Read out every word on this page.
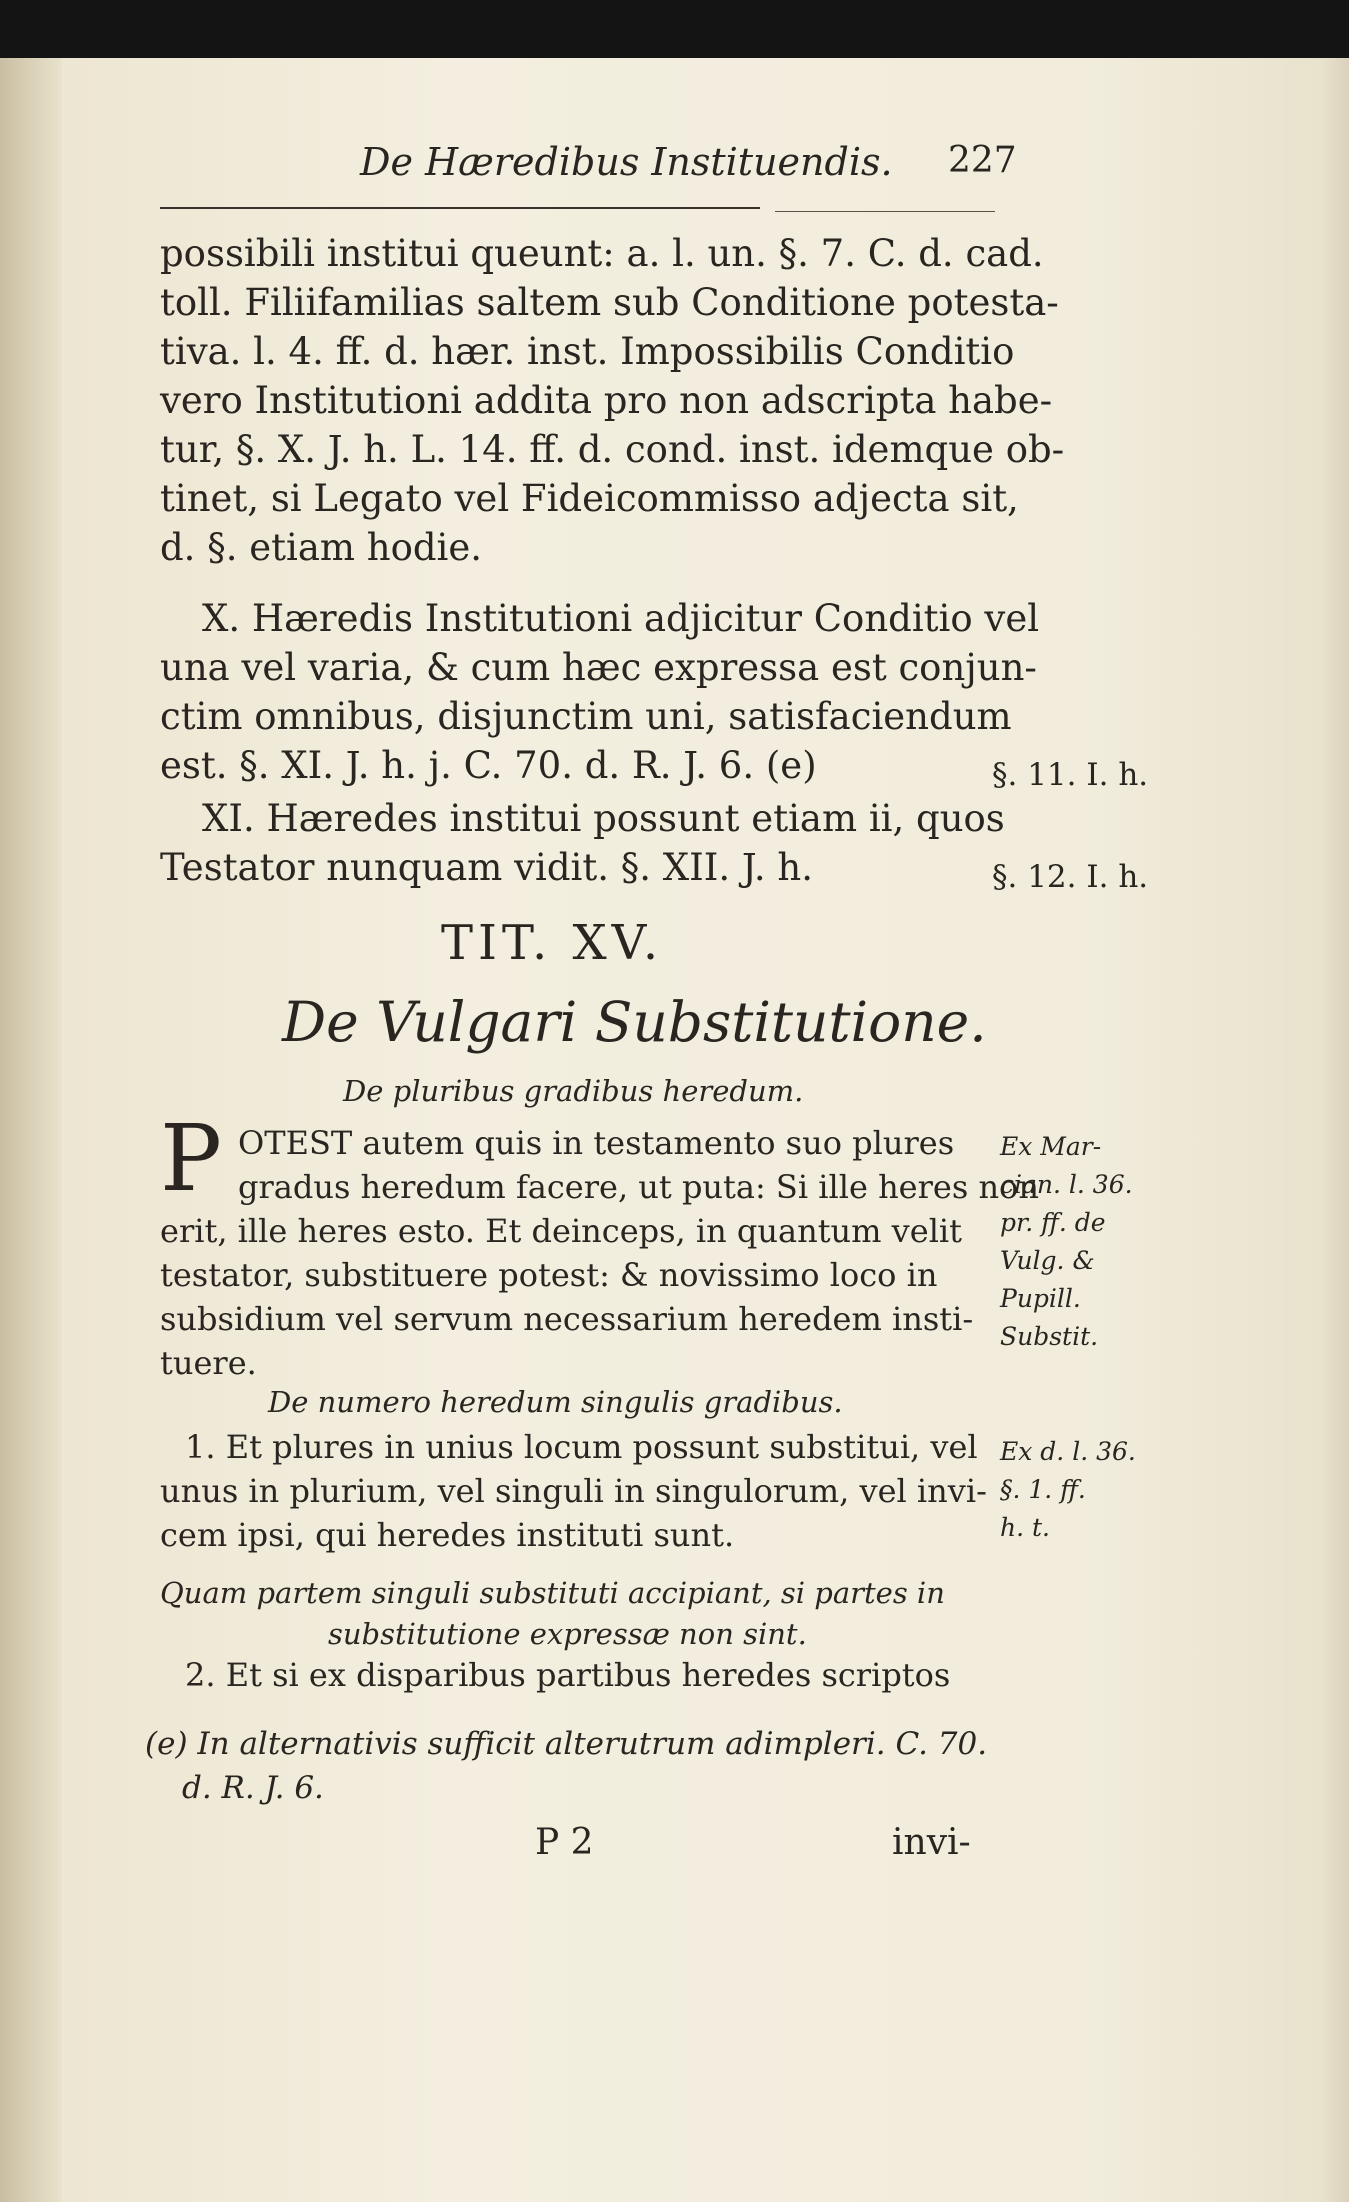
De Hæredibus Instituendis. 227
possibili institui queunt: a. l. un. §. 7. C. d. cad.
toll. Filiifamilias saltem sub Conditione potesta-
tiva. l. 4. ff. d. hær. inst. Impossibilis Conditio
vero Institutioni addita pro non adscripta habe-
tur, §. X. J. h. L. 14. ff. d. cond. inst. idemque ob-
tinet, si Legato vel Fideicommisso adjecta sit,
d. §. etiam hodie.
X. Hæredis Institutioni adjicitur Conditio vel
una vel varia, & cum hæc expressa est conjun-
ctim omnibus, disjunctim uni, satisfaciendum
est. §. XI. J. h. j. C. 70. d. R. J. 6. (e)
XI. Hæredes institui possunt etiam ii, quos
Testator nunquam vidit. §. XII. J. h.
§. 11. I. h.
§. 12. I. h.
TIT. XV.
De Vulgari Substitutione.
De pluribus gradibus heredum.
P OTEST autem quis in testamento suo plures
gradus heredum facere, ut puta: Si ille heres non
erit, ille heres esto. Et deinceps, in quantum velit
testator, substituere potest: & novissimo loco in
subsidium vel servum necessarium heredem insti-
tuere.
Ex Mar-
cian. l. 36.
pr. ff. de
Vulg. &
Pupill.
Substit.
De numero heredum singulis gradibus.
1. Et plures in unius locum possunt substitui, vel
unus in plurium, vel singuli in singulorum, vel invi-
cem ipsi, qui heredes instituti sunt.
Ex d. l. 36.
§. 1. ff.
h. t.
Quam partem singuli substituti accipiant, si partes in
substitutione expressæ non sint.
2. Et si ex disparibus partibus heredes scriptos
(e) In alternativis sufficit alterutrum adimpleri. C. 70.
d. R. J. 6.
P 2	invi-
